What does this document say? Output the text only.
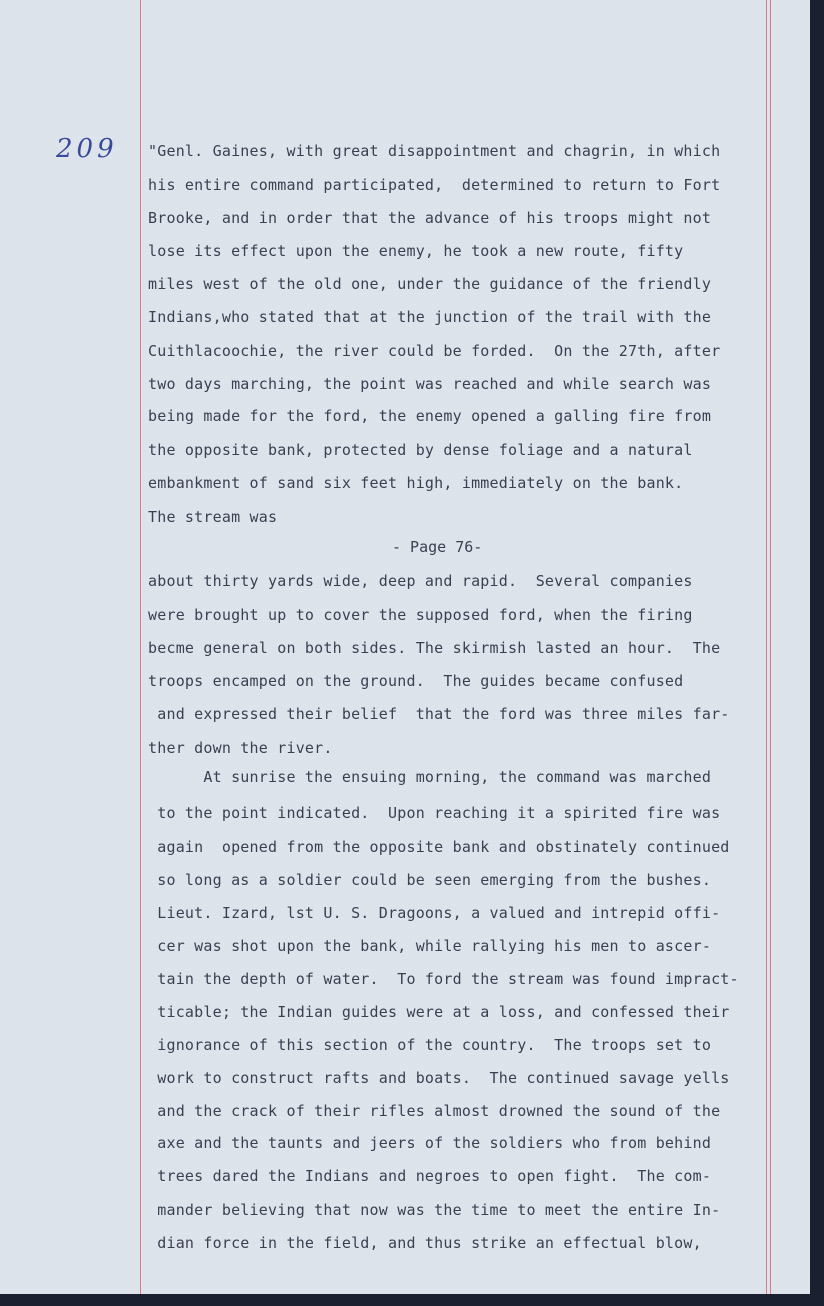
209 "Genl. Gaines, with great disappointment and chagrin, in which
his entire command participated,  determined to return to Fort
Brooke, and in order that the advance of his troops might not
lose its effect upon the enemy, he took a new route, fifty
miles west of the old one, under the guidance of the friendly
Indians,who stated that at the junction of the trail with the
Cuithlacoochie, the river could be forded.  On the 27th, after
two days marching, the point was reached and while search was
being made for the ford, the enemy opened a galling fire from
the opposite bank, protected by dense foliage and a natural
embankment of sand six feet high, immediately on the bank.
The stream was
- Page 76-
about thirty yards wide, deep and rapid.  Several companies
were brought up to cover the supposed ford, when the firing
becme general on both sides. The skirmish lasted an hour.  The
troops encamped on the ground.  The guides became confused
and expressed their belief  that the ford was three miles far-
ther down the river.
At sunrise the ensuing morning, the command was marched
to the point indicated.  Upon reaching it a spirited fire was
again  opened from the opposite bank and obstinately continued
so long as a soldier could be seen emerging from the bushes.
Lieut. Izard, lst U. S. Dragoons, a valued and intrepid offi-
cer was shot upon the bank, while rallying his men to ascer-
tain the depth of water.  To ford the stream was found impract-
ticable; the Indian guides were at a loss, and confessed their
ignorance of this section of the country.  The troops set to
work to construct rafts and boats.  The continued savage yells
and the crack of their rifles almost drowned the sound of the
axe and the taunts and jeers of the soldiers who from behind
trees dared the Indians and negroes to open fight.  The com-
mander believing that now was the time to meet the entire In-
dian force in the field, and thus strike an effectual blow,
